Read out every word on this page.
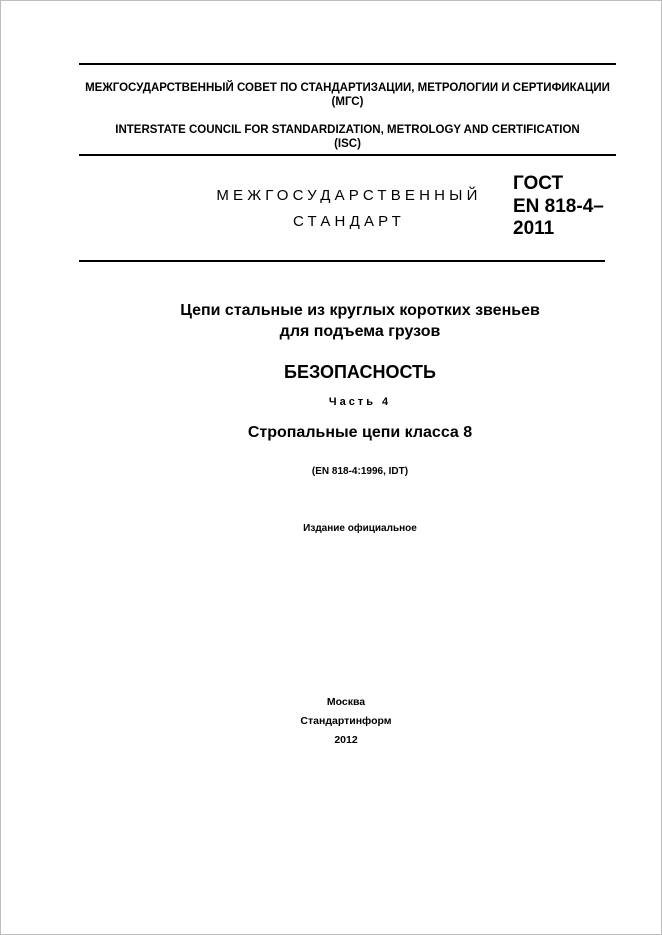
МЕЖГОСУДАРСТВЕННЫЙ СОВЕТ ПО СТАНДАРТИЗАЦИИ, МЕТРОЛОГИИ И СЕРТИФИКАЦИИ
(МГС)
INTERSTATE COUNCIL FOR STANDARDIZATION, METROLOGY AND CERTIFICATION
(ISC)
МЕЖГОСУДАРСТВЕННЫЙ
СТАНДАРТ
ГОСТ
EN 818-4–
2011
Цепи стальные из круглых коротких звеньев
для подъема грузов
БЕЗОПАСНОСТЬ
Часть 4
Стропальные цепи класса 8
(EN 818-4:1996, IDT)
Издание официальное
Москва
Стандартинформ
2012
